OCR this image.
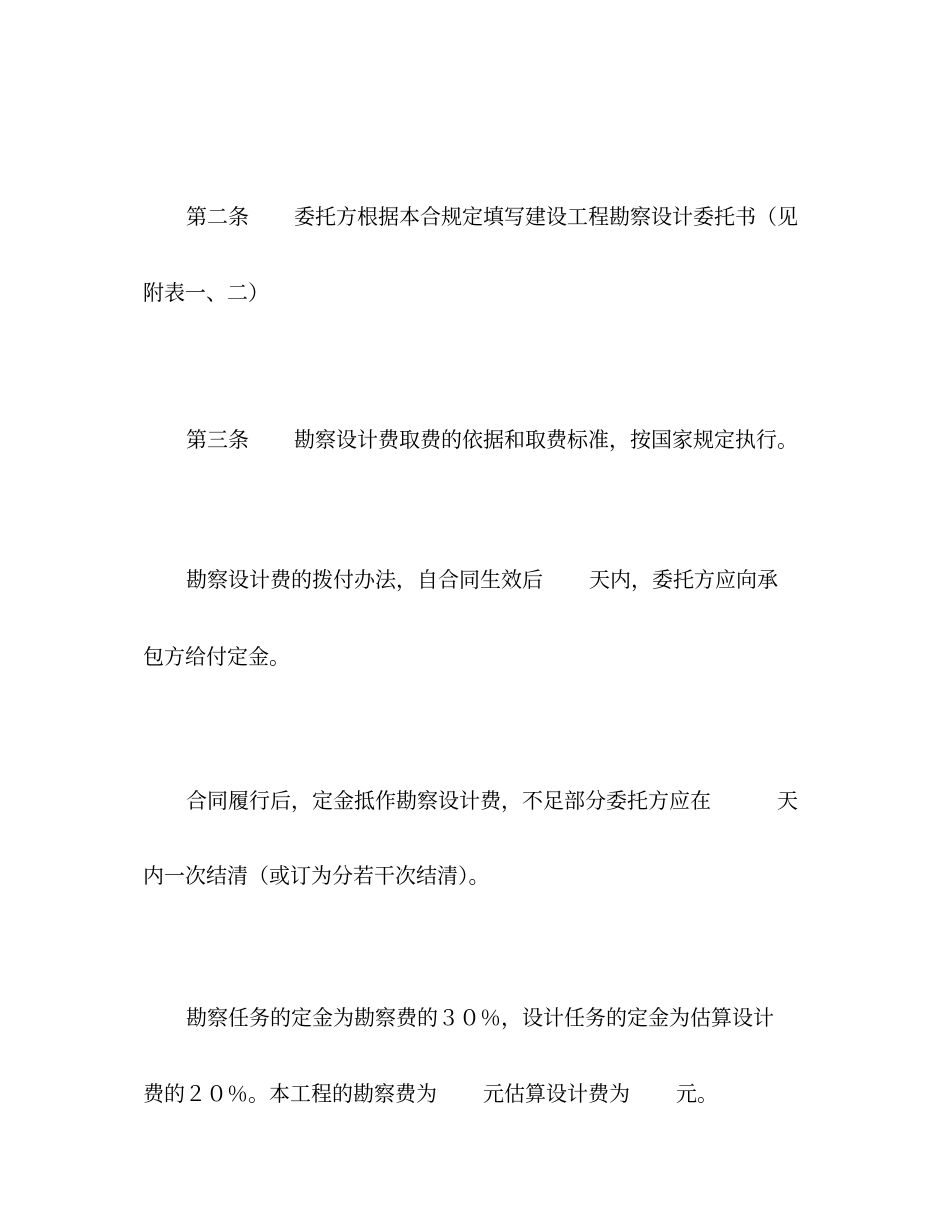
第二条 委托方根据本合规定填写建设工程勘察设计委托书（见
附表一、二）
第三条 勘察设计费取费的依据和取费标准，按国家规定执行。
勘察设计费的拨付办法，自合同生效后 天内，委托方应向承
包方给付定金。
合同履行后，定金抵作勘察设计费，不足部分委托方应在	天
内一次结清（或订为分若干次结清）。
勘察任务的定金为勘察费的３０％，设计任务的定金为估算设计
费的２０％。本工程的勘察费为 元估算设计费为 元。
